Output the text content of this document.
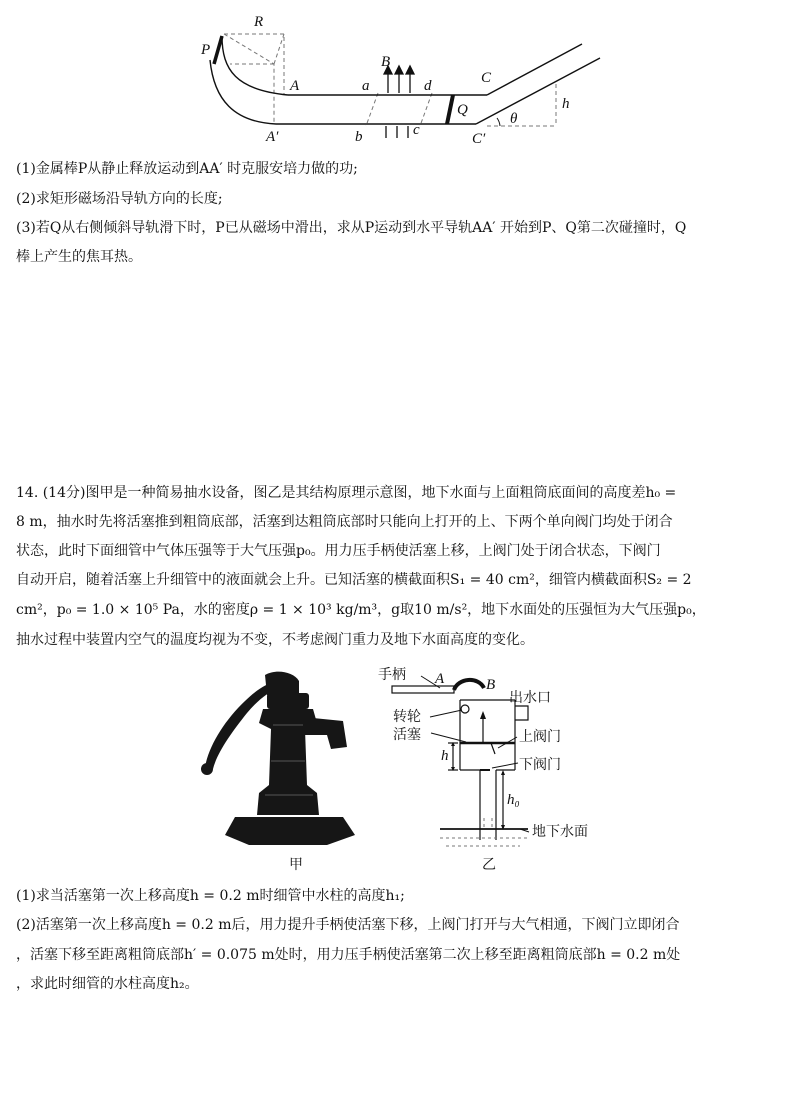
R
P
A
A′
a
B
d	C
Q	h
b	c
C′
θ
(1)金属棒P从静止释放运动到AA′ 时克服安培力做的功;
(2)求矩形磁场沿导轨方向的长度;
(3)若Q从右侧倾斜导轨滑下时，P已从磁场中滑出，求从P运动到水平导轨AA′ 开始到P、Q第二次碰撞时，Q
棒上产生的焦耳热。
14. (14分)图甲是一种简易抽水设备，图乙是其结构原理示意图，地下水面与上面粗筒底面间的高度差h₀ =
8 m，抽水时先将活塞推到粗筒底部，活塞到达粗筒底部时只能向上打开的上、下两个单向阀门均处于闭合
状态，此时下面细管中气体压强等于大气压强p₀。用力压手柄使活塞上移，上阀门处于闭合状态，下阀门
自动开启，随着活塞上升细管中的液面就会上升。已知活塞的横截面积S₁ = 40 cm²，细管内横截面积S₂ = 2
cm²，p₀ = 1.0 × 10⁵ Pa，水的密度ρ = 1 × 10³ kg/m³，g取10 m/s²，地下水面处的压强恒为大气压强p₀，
抽水过程中装置内空气的温度均视为不变，不考虑阀门重力及地下水面高度的变化。
甲
手柄 A	B
出水口
转轮
活塞	上阀门
h
下阀门
h₀
地下水面
乙
(1)求当活塞第一次上移高度h = 0.2 m时细管中水柱的高度h₁;
(2)活塞第一次上移高度h = 0.2 m后，用力提升手柄使活塞下移，上阀门打开与大气相通，下阀门立即闭合
，活塞下移至距离粗筒底部h′ = 0.075 m处时，用力压手柄使活塞第二次上移至距离粗筒底部h = 0.2 m处
，求此时细管的水柱高度h₂。
